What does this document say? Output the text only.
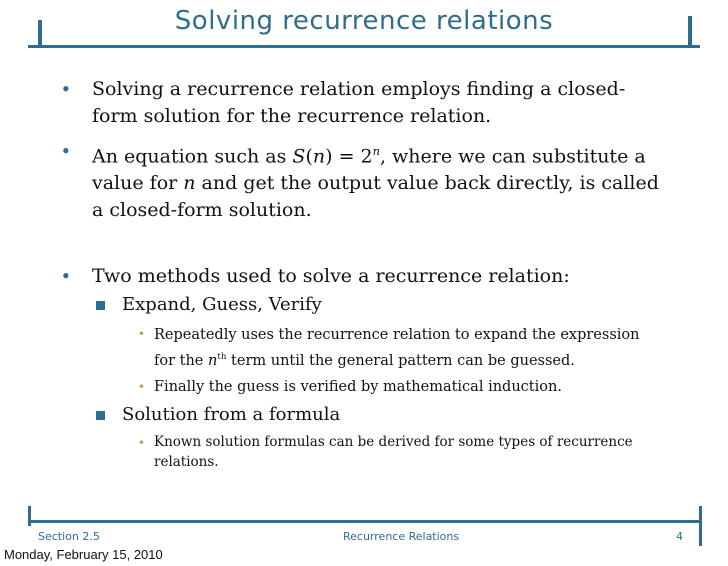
Solving recurrence relations
• Solving a recurrence relation employs finding a closed-form solution for the recurrence relation.
• An equation such as $S(n) = 2^n$, where we can substitute a value for n and get the output value back directly, is called a closed-form solution.
• Two methods used to solve a recurrence relation:
Expand, Guess, Verify
• Repeatedly uses the recurrence relation to expand the expression for the $n^{th}$ term until the general pattern can be guessed.
• Finally the guess is verified by mathematical induction.
Solution from a formula
• Known solution formulas can be derived for some types of recurrence relations.
Section 2.5	Recurrence Relations	4
Monday, February 15, 2010
